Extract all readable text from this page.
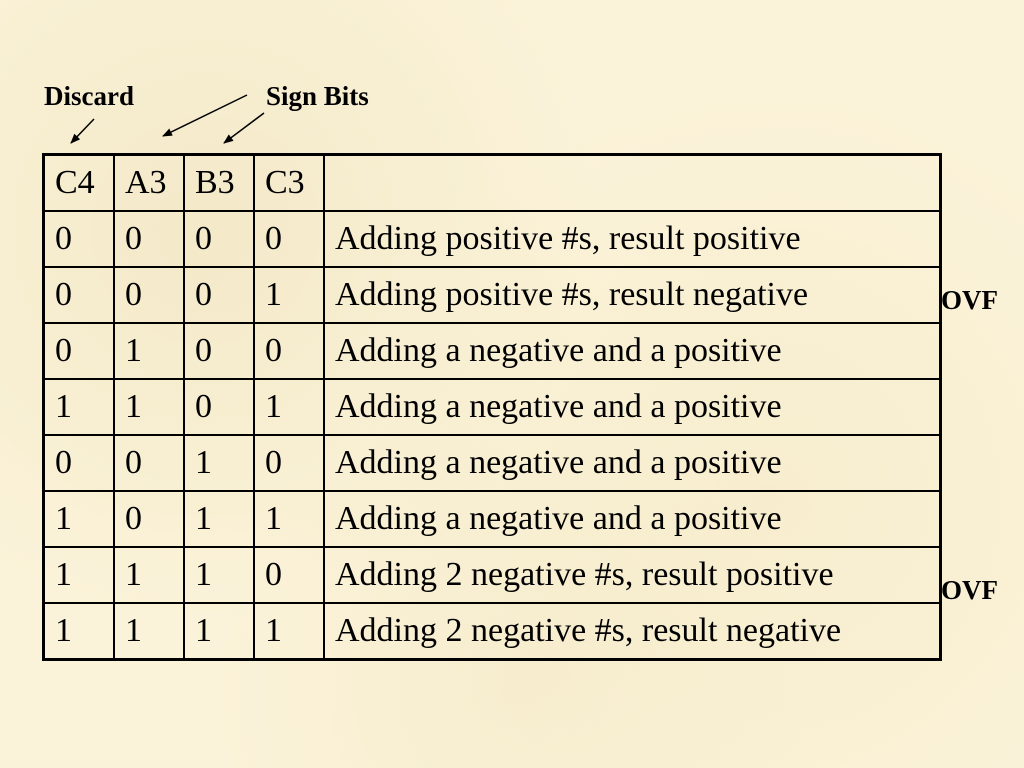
Discard	Sign Bits
C4	A3	B3	C3	
0	0	0	0	Adding positive #s, result positive
0	0	0	1	Adding positive #s, result negative
0	1	0	0	Adding a negative and a positive
1	1	0	1	Adding a negative and a positive
0	0	1	0	Adding a negative and a positive
1	0	1	1	Adding a negative and a positive
1	1	1	0	Adding 2 negative #s, result positive
1	1	1	1	Adding 2 negative #s, result negative
OVF
OVF
